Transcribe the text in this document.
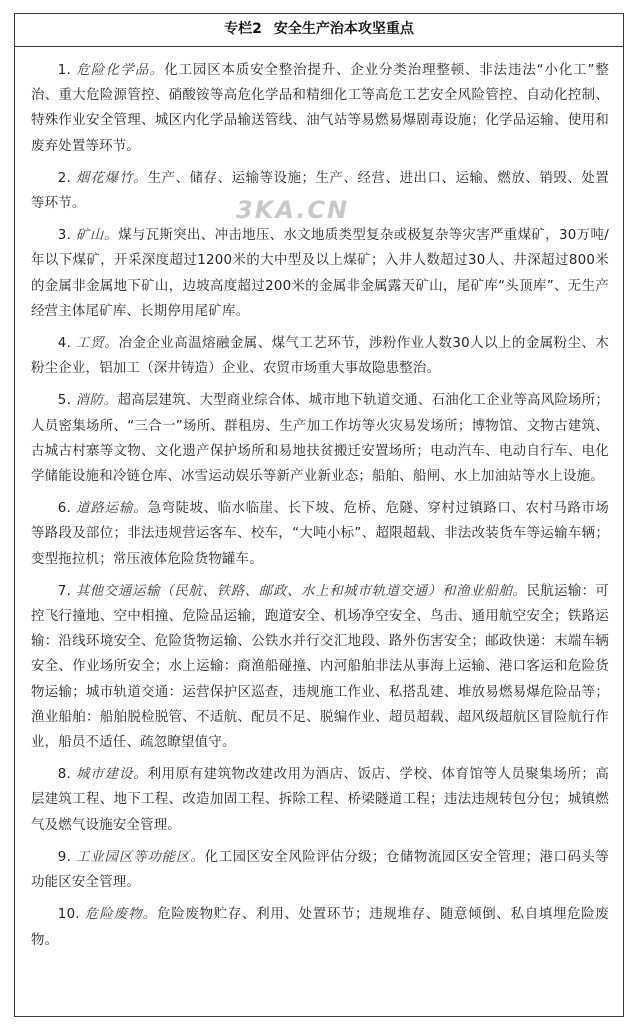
专栏2 安全生产治本攻坚重点

1. 危险化学品。化工园区本质安全整治提升、企业分类治理整顿、非法违法“小化工”整治、重大危险源管控、硝酸铵等高危化学品和精细化工等高危工艺安全风险管控、自动化控制、特殊作业安全管理、城区内化学品输送管线、油气站等易燃易爆剧毒设施；化学品运输、使用和废弃处置等环节。

2. 烟花爆竹。生产、储存、运输等设施；生产、经营、进出口、运输、燃放、销毁、处置等环节。

3. 矿山。煤与瓦斯突出、冲击地压、水文地质类型复杂或极复杂等灾害严重煤矿，30万吨/年以下煤矿，开采深度超过1200米的大中型及以上煤矿；入井人数超过30人、井深超过800米的金属非金属地下矿山，边坡高度超过200米的金属非金属露天矿山，尾矿库“头顶库”、无生产经营主体尾矿库、长期停用尾矿库。

4. 工贸。冶金企业高温熔融金属、煤气工艺环节，涉粉作业人数30人以上的金属粉尘、木粉尘企业，铝加工（深井铸造）企业、农贸市场重大事故隐患整治。

5. 消防。超高层建筑、大型商业综合体、城市地下轨道交通、石油化工企业等高风险场所；人员密集场所、“三合一”场所、群租房、生产加工作坊等火灾易发场所；博物馆、文物古建筑、古城古村寨等文物、文化遗产保护场所和易地扶贫搬迁安置场所；电动汽车、电动自行车、电化学储能设施和冷链仓库、冰雪运动娱乐等新产业新业态；船舶、船闸、水上加油站等水上设施。

6. 道路运输。急弯陡坡、临水临崖、长下坡、危桥、危隧、穿村过镇路口、农村马路市场等路段及部位；非法违规营运客车、校车，“大吨小标”、超限超载、非法改装货车等运输车辆；变型拖拉机；常压液体危险货物罐车。

7. 其他交通运输（民航、铁路、邮政、水上和城市轨道交通）和渔业船舶。民航运输：可控飞行撞地、空中相撞、危险品运输，跑道安全、机场净空安全、鸟击、通用航空安全；铁路运输：沿线环境安全、危险货物运输、公铁水并行交汇地段、路外伤害安全；邮政快递：末端车辆安全、作业场所安全；水上运输：商渔船碰撞、内河船舶非法从事海上运输、港口客运和危险货物运输；城市轨道交通：运营保护区巡查，违规施工作业、私搭乱建、堆放易燃易爆危险品等；渔业船舶：船舶脱检脱管、不适航、配员不足、脱编作业、超员超载、超风级超航区冒险航行作业，船员不适任、疏忽瞭望值守。

8. 城市建设。利用原有建筑物改建改用为酒店、饭店、学校、体育馆等人员聚集场所；高层建筑工程、地下工程、改造加固工程、拆除工程、桥梁隧道工程；违法违规转包分包；城镇燃气及燃气设施安全管理。

9. 工业园区等功能区。化工园区安全风险评估分级；仓储物流园区安全管理；港口码头等功能区安全管理。

10. 危险废物。危险废物贮存、利用、处置环节；违规堆存、随意倾倒、私自填埋危险废物。

3KA.CN
